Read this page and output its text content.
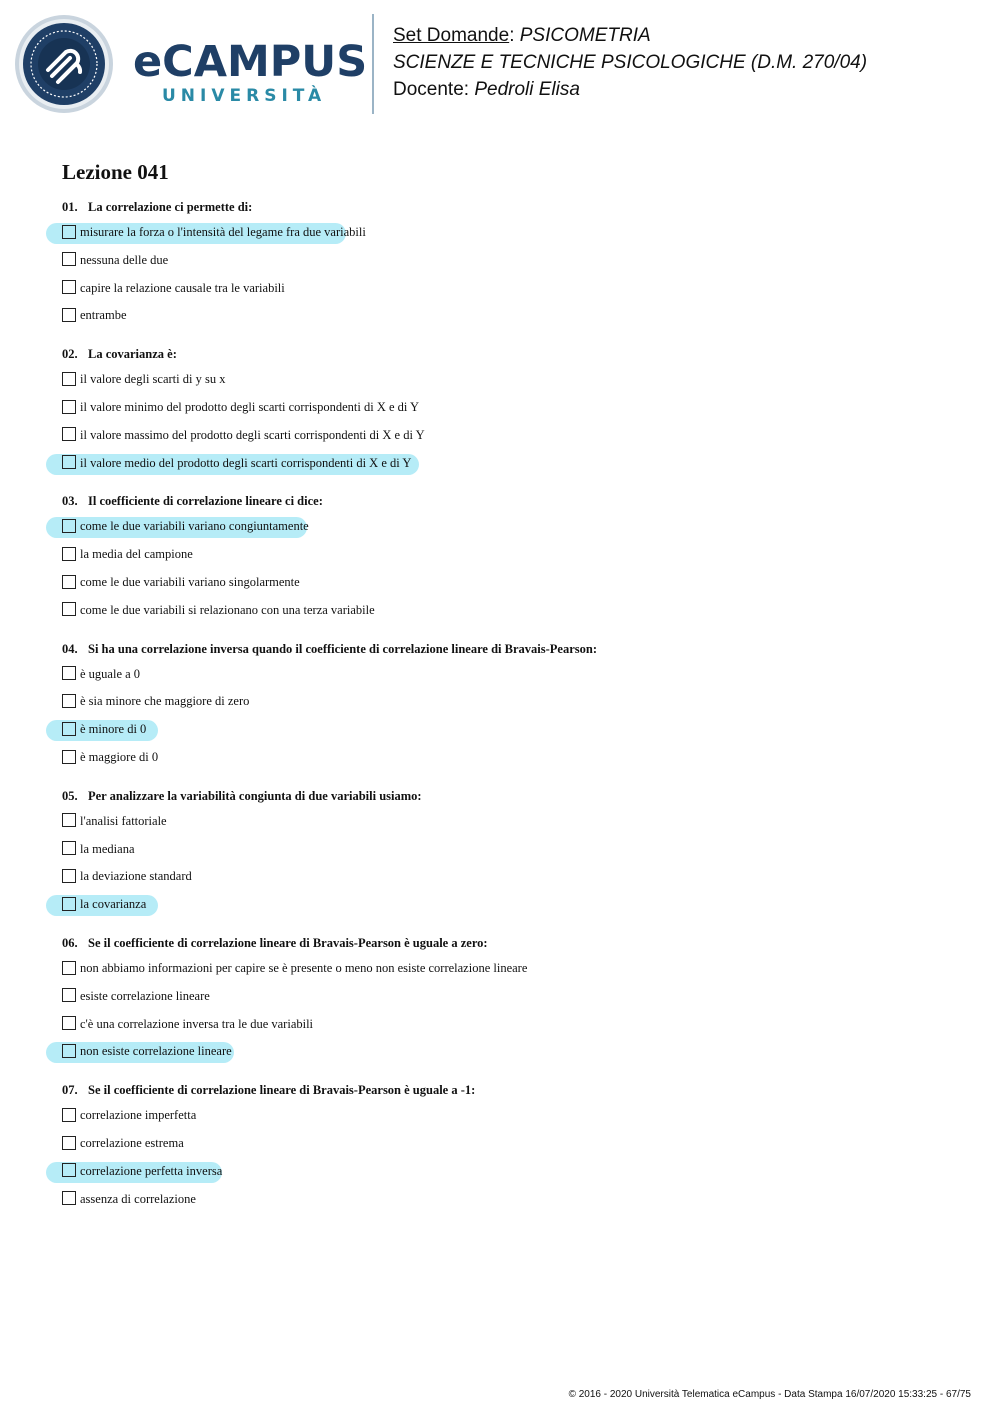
eCAMPUS
UNIVERSITÀ
Set Domande: PSICOMETRIA
SCIENZE E TECNICHE PSICOLOGICHE (D.M. 270/04)
Docente: Pedroli Elisa
Lezione 041
01. La correlazione ci permette di:
misurare la forza o l'intensità del legame fra due variabili
nessuna delle due
capire la relazione causale tra le variabili
entrambe
02. La covarianza è:
il valore degli scarti di y su x
il valore minimo del prodotto degli scarti corrispondenti di X e di Y
il valore massimo del prodotto degli scarti corrispondenti di X e di Y
il valore medio del prodotto degli scarti corrispondenti di X e di Y
03. Il coefficiente di correlazione lineare ci dice:
come le due variabili variano congiuntamente
la media del campione
come le due variabili variano singolarmente
come le due variabili si relazionano con una terza variabile
04. Si ha una correlazione inversa quando il coefficiente di correlazione lineare di Bravais-Pearson:
è uguale a 0
è sia minore che maggiore di zero
è minore di 0
è maggiore di 0
05. Per analizzare la variabilità congiunta di due variabili usiamo:
l'analisi fattoriale
la mediana
la deviazione standard
la covarianza
06. Se il coefficiente di correlazione lineare di Bravais-Pearson è uguale a zero:
non abbiamo informazioni per capire se è presente o meno non esiste correlazione lineare
esiste correlazione lineare
c'è una correlazione inversa tra le due variabili
non esiste correlazione lineare
07. Se il coefficiente di correlazione lineare di Bravais-Pearson è uguale a -1:
correlazione imperfetta
correlazione estrema
correlazione perfetta inversa
assenza di correlazione
© 2016 - 2020 Università Telematica eCampus - Data Stampa 16/07/2020 15:33:25 - 67/75
